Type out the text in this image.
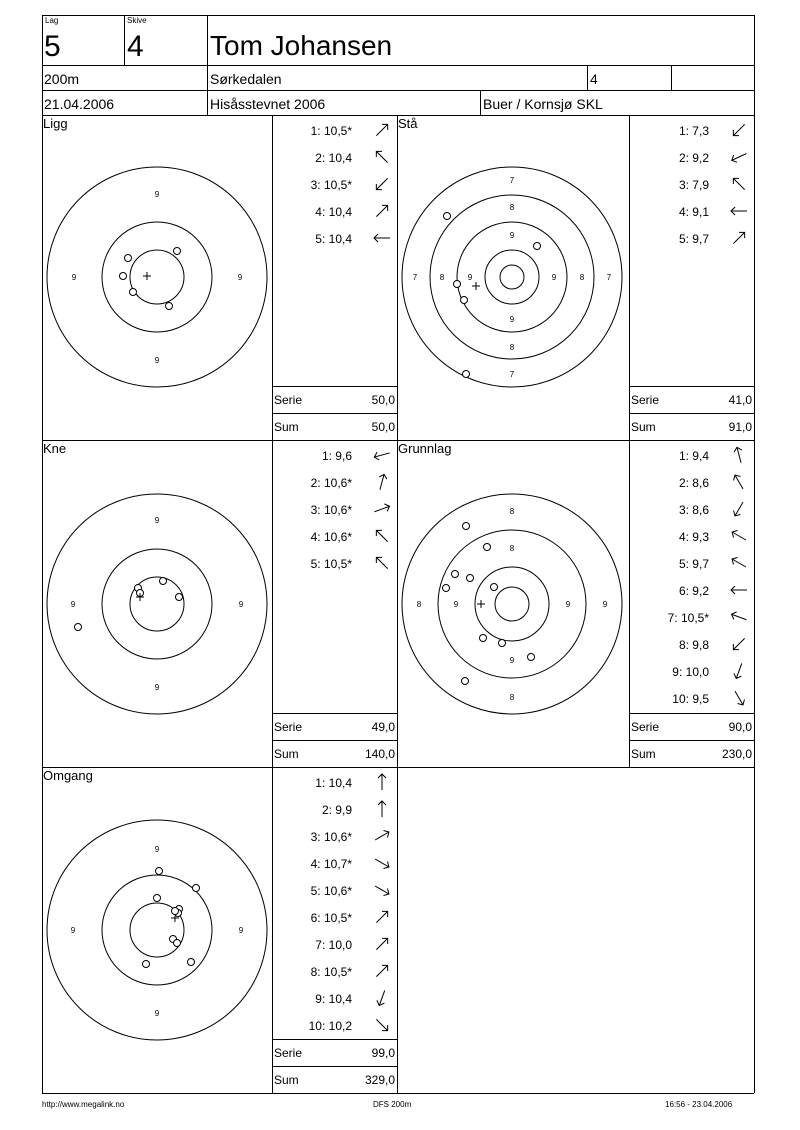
Lag
5
Skive
4 Tom Johansen
200m	Sørkedalen	4
21.04.2006	Hisåsstevnet 2006	Buer / Kornsjø SKL
Ligg
9
9	9
9
1: 10,5*
2: 10,4
3: 10,5*
4: 10,4
5: 10,4
Serie	50,0
Sum	50,0
Stå
7
8
9
9
8
7
7	8	9	9	8	7
1: 7,3
2: 9,2
3: 7,9
4: 9,1
5: 9,7
Serie	41,0
Sum	91,0
Kne
9
9	9
9
1: 9,6
2: 10,6*
3: 10,6*
4: 10,6*
5: 10,5*
Serie	49,0
Sum	140,0
Grunnlag
8
9	9
8
8	9
9
8
1: 9,4
2: 8,6
3: 8,6
4: 9,3
5: 9,7
6: 9,2
7: 10,5*
8: 9,8
9: 10,0
10: 9,5
Serie	90,0
Sum	230,0
Omgang
9
9	9
9
1: 10,4
2: 9,9
3: 10,6*
4: 10,7*
5: 10,6*
6: 10,5*
7: 10,0
8: 10,5*
9: 10,4
10: 10,2
Serie	99,0
Sum	329,0
http://www.megalink.no	DFS 200m	16:56 - 23.04.2006
